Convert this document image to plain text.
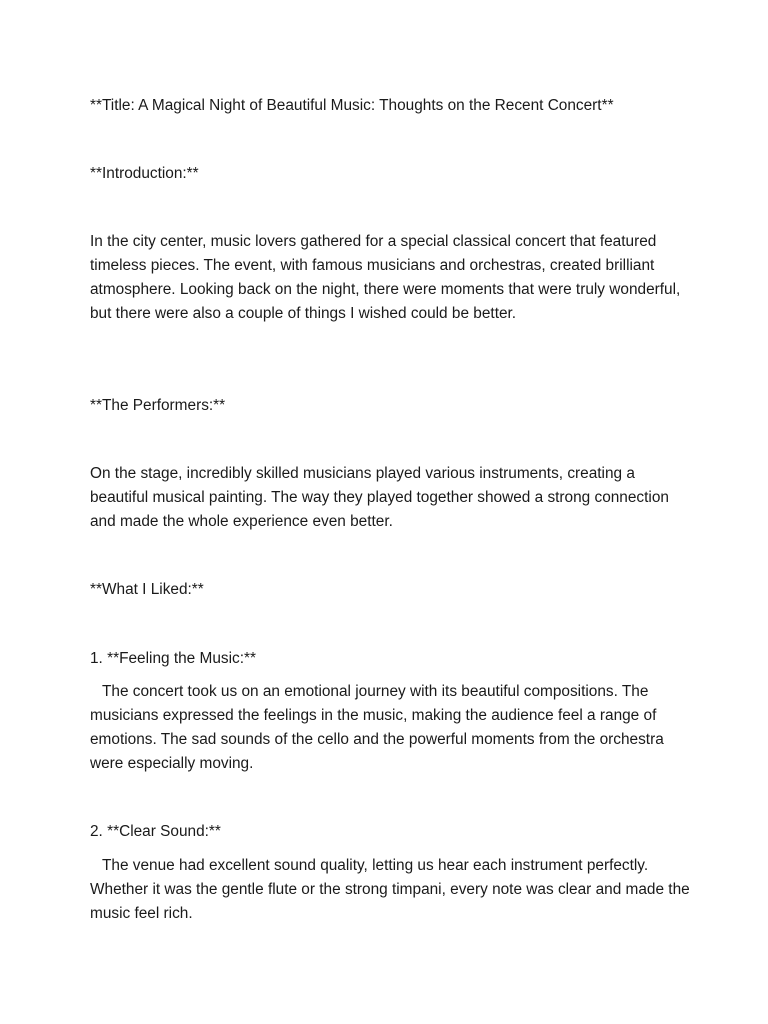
**Title: A Magical Night of Beautiful Music: Thoughts on the Recent Concert**

**Introduction:**

In the city center, music lovers gathered for a special classical concert that featured timeless pieces. The event, with famous musicians and orchestras, created brilliant atmosphere. Looking back on the night, there were moments that were truly wonderful, but there were also a couple of things I wished could be better.

**The Performers:**

On the stage, incredibly skilled musicians played various instruments, creating a beautiful musical painting. The way they played together showed a strong connection and made the whole experience even better.

**What I Liked:**

1. **Feeling the Music:**

The concert took us on an emotional journey with its beautiful compositions. The musicians expressed the feelings in the music, making the audience feel a range of emotions. The sad sounds of the cello and the powerful moments from the orchestra were especially moving.

2. **Clear Sound:**

The venue had excellent sound quality, letting us hear each instrument perfectly. Whether it was the gentle flute or the strong timpani, every note was clear and made the music feel rich.
